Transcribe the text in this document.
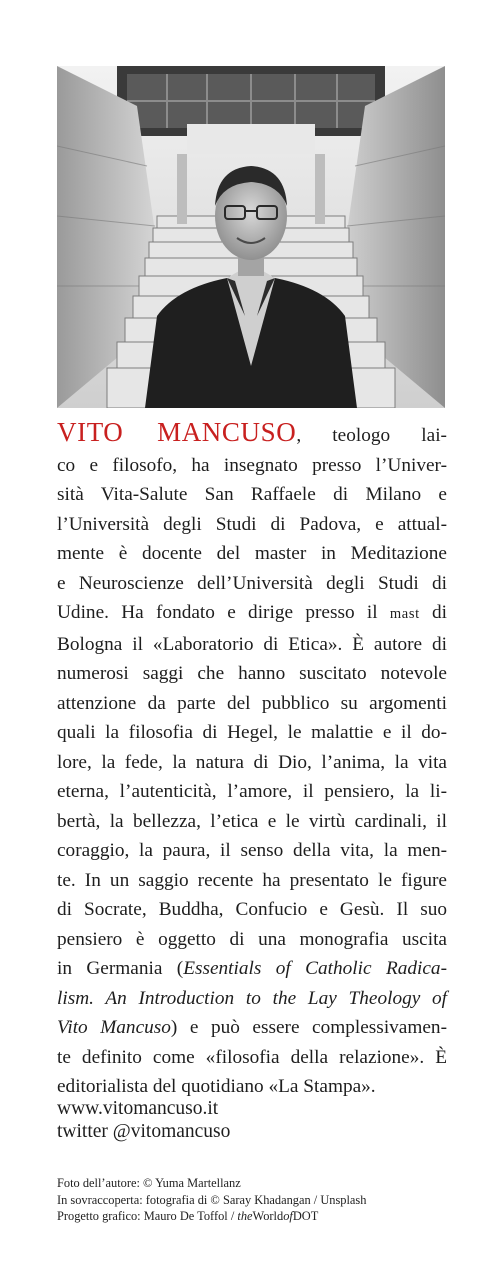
VITO MANCUSO, teologo lai-
co e filosofo, ha insegnato presso l’Univer-
sità Vita-Salute San Raffaele di Milano e
l’Università degli Studi di Padova, e attual-
mente è docente del master in Meditazione
e Neuroscienze dell’Università degli Studi di
Udine. Ha fondato e dirige presso il mast di
Bologna il «Laboratorio di Etica». È autore di
numerosi saggi che hanno suscitato notevole
attenzione da parte del pubblico su argomenti
quali la filosofia di Hegel, le malattie e il do-
lore, la fede, la natura di Dio, l’anima, la vita
eterna, l’autenticità, l’amore, il pensiero, la li-
bertà, la bellezza, l’etica e le virtù cardinali, il
coraggio, la paura, il senso della vita, la men-
te. In un saggio recente ha presentato le figure
di Socrate, Buddha, Confucio e Gesù. Il suo
pensiero è oggetto di una monografia uscita
in Germania (Essentials of Catholic Radica-
lism. An Introduction to the Lay Theology of
Vito Mancuso) e può essere complessivamen-
te definito come «filosofia della relazione». È
editorialista del quotidiano «La Stampa».
www.vitomancuso.it
twitter @vitomancuso
Foto dell’autore: © Yuma Martellanz
In sovraccoperta: fotografia di © Saray Khadangan / Unsplash
Progetto grafico: Mauro De Toffol / theWorldofDOT
